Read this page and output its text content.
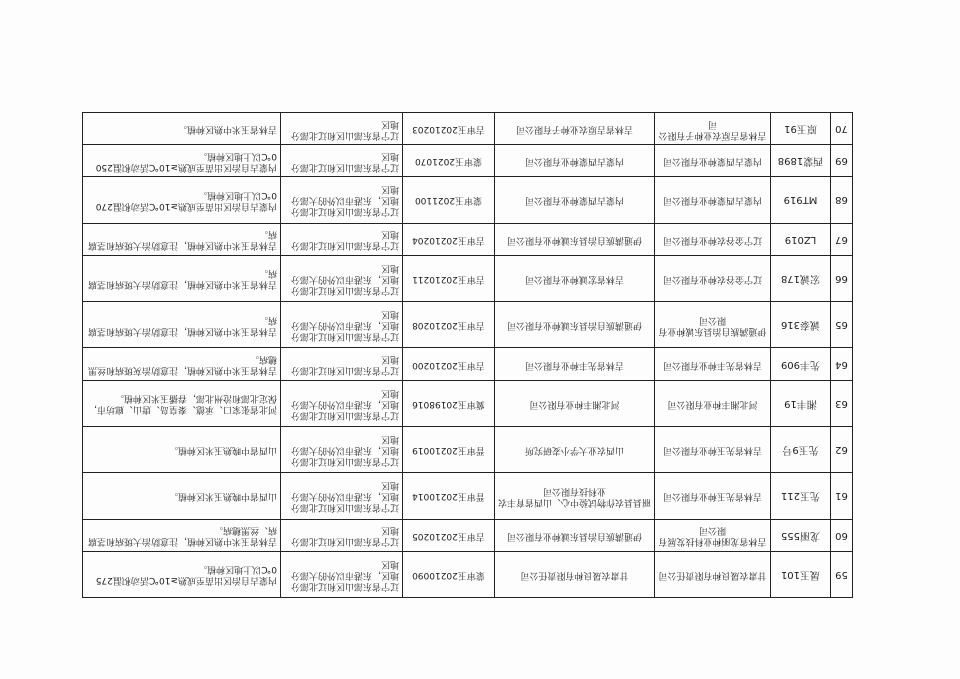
59	晟玉101	甘肃农晟良种有限责任公司	甘肃农晟良种有限责任公司	蒙审玉20210090	辽宁省东部山区和辽北部分地区，东港市以外的大部分地区	内蒙古自治区出苗至成熟≥10℃活动积温2750℃以上地区种植。
60	龙丽555	吉林省龙丽种业科技发展有限公司	伊通满族自治县东诚种业有限公司	吉审玉20210205	辽宁省东部山区和辽北部分地区	吉林省玉米中熟区种植，注意防治大斑病和茎腐病、丝黑穗病。
61	先玉211	吉林省先玉种业有限公司	丽县县农作物试验中心、山西省育丰农业科技有限公司	晋审玉20210014	辽宁省东部山区和辽北部分地区，东港市以外的大部分地区	山西省中晚熟玉米区种植。
62	先玉9号	吉林省先玉种业有限公司	山西农业大学小麦研究所	晋审玉20210019	辽宁省东部山区和辽北部分地区，东港市以外的大部分地区	山西省中晚熟玉米区种植。
63	湘丰19	河北湘丰种业有限公司	河北湘丰种业有限公司	冀审玉20198016	辽宁省东部山区和辽北部分地区，东港市以外的大部分地区	河北省张家口、承德、秦皇岛、唐山、廊坊市，保定北部和沧州北部，春播玉米区种植。
64	先丰909	吉林省先丰种业有限公司	吉林省先丰种业有限公司	吉审玉20210200	辽宁省东部山区和辽北部分地区	吉林省玉米中熟区种植，注意防治灰斑病和丝黑穗病。
65	诚泰316	伊通满族自治县东诚种业有限公司	伊通满族自治县东诚种业有限公司	吉审玉20210208	辽宁省东部山区和辽北部分地区，东港市以外的大部分地区	吉林省玉米中熟区种植，注意防治大斑病和茎腐病。
66	宏诚178	辽宁金谷农种业有限公司	吉林省宏诚种业有限公司	吉审玉20210211	辽宁省东部山区和辽北部分地区，东港市以外的大部分地区	吉林省玉米中熟区种植，注意防治大斑病和茎腐病。
67	LZ019	辽宁金谷农种业有限公司	伊通满族自治县东诚种业有限公司	吉审玉20210204	辽宁省东部山区和辽北部分地区	吉林省玉米中熟区种植，注意防治大斑病和茎腐病。
68	MT919	内蒙古西蒙种业有限公司	内蒙古西蒙种业有限公司	蒙审玉2021100	辽宁省东部山区和辽北部分地区，东港市以外的大部分地区	内蒙古自治区出苗至成熟≥10℃活动积温2700℃以上地区种植。
69	西蒙1898	内蒙古西蒙种业有限公司	内蒙古西蒙种业有限公司	蒙审玉2021070	辽宁省东部山区和辽北部分地区	内蒙古自治区出苗至成熟≥10℃活动积温2500℃以上地区种植。
70	原玉91	吉林省吉原农业种子有限公司	吉林省吉原农业种子有限公司	吉审玉20210203	辽宁省东部山区和辽北部分地区	吉林省玉米中熟区种植。
